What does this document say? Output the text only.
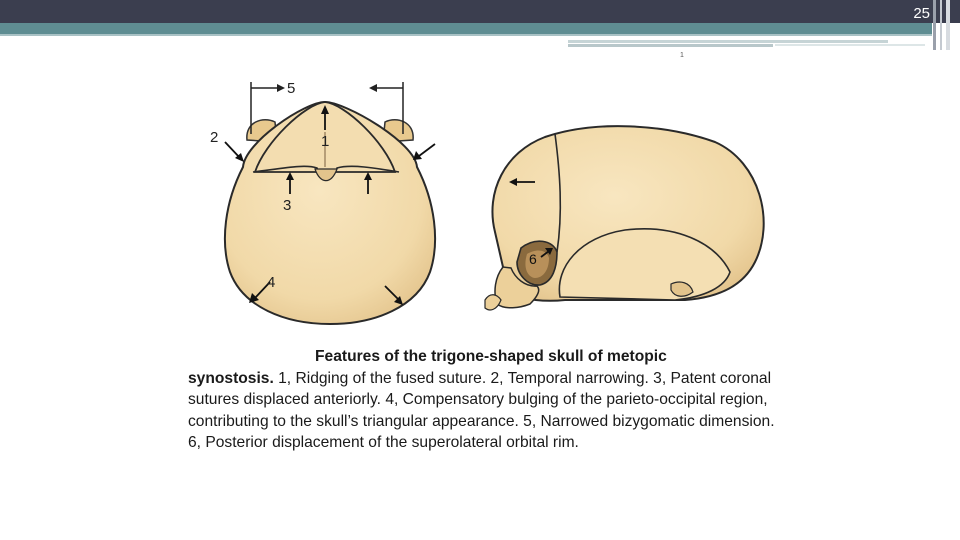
25
1
5
2	1
3
4
6
Features of the trigone-shaped skull of metopic
synostosis. 1, Ridging of the fused suture. 2, Temporal narrowing. 3, Patent coronal sutures displaced anteriorly. 4, Compensatory bulging of the parieto-occipital region, contributing to the skull’s triangular appearance. 5, Narrowed bizygomatic dimension. 6, Posterior displacement of the superolateral orbital rim.
